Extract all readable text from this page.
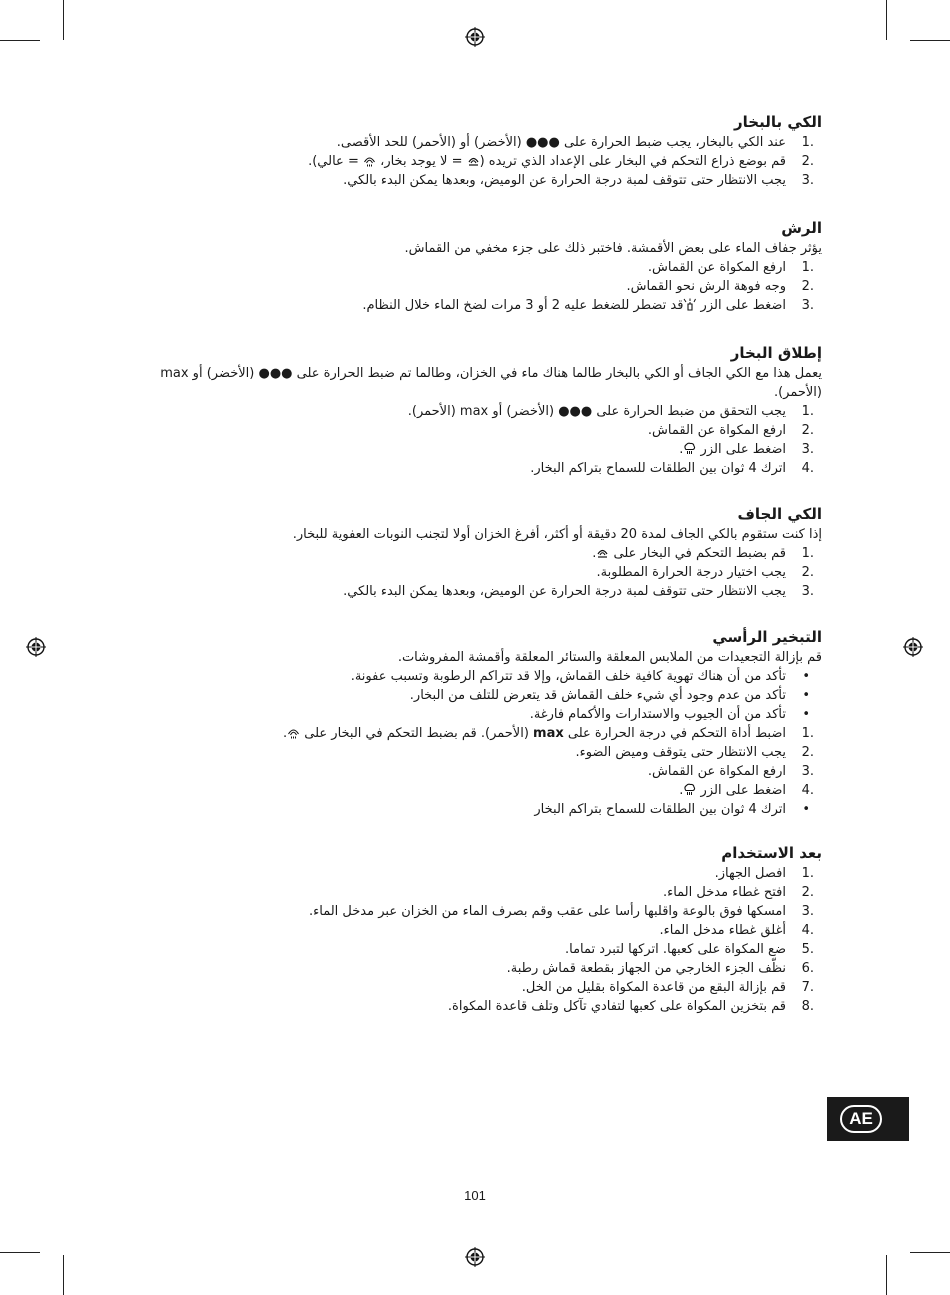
الكي بالبخار
1.
عند الكي بالبخار، يجب ضبط الحرارة على ●●● (الأخضر) أو (الأحمر) للحد الأقصى.
2.
قم بوضع ذراع التحكم في البخار على الإعداد الذي تريده ( = لا يوجد بخار،  = عالي).
3.
يجب الانتظار حتى تتوقف لمبة درجة الحرارة عن الوميض، وبعدها يمكن البدء بالكي.
الرش
يؤثر جفاف الماء على بعض الأقمشة. فاختبر ذلك على جزء مخفي من القماش.
1.
ارفع المكواة عن القماش.
2.
وجه فوهة الرش نحو القماش.
3.
اضغط على الزر قد تضطر للضغط عليه 2 أو 3 مرات لضخ الماء خلال النظام.
إطلاق البخار
يعمل هذا مع الكي الجاف أو الكي بالبخار طالما هناك ماء في الخزان، وطالما تم ضبط الحرارة على ●●● (الأخضر) أو max (الأحمر).
1.
يجب التحقق من ضبط الحرارة على ●●● (الأخضر) أو max (الأحمر).
2.
ارفع المكواة عن القماش.
3.
اضغط على الزر .
4.
اترك 4 ثوان بين الطلقات للسماح بتراكم البخار.
الكي الجاف
إذا كنت ستقوم بالكي الجاف لمدة 20 دقيقة أو أكثر، أفرغ الخزان أولا لتجنب النوبات العفوية للبخار.
1.
قم بضبط التحكم في البخار على .
2.
يجب اختيار درجة الحرارة المطلوبة.
3.
يجب الانتظار حتى تتوقف لمبة درجة الحرارة عن الوميض، وبعدها يمكن البدء بالكي.
التبخير الرأسي
قم بإزالة التجعيدات من الملابس المعلقة والستائر المعلقة وأقمشة المفروشات.
•
تأكد من أن هناك تهوية كافية خلف القماش، وإلا قد تتراكم الرطوبة وتسبب عفونة.
•
تأكد من عدم وجود أي شيء خلف القماش قد يتعرض للتلف من البخار.
•
تأكد من أن الجيوب والاستدارات والأكمام فارغة.
1.
اضبط أداة التحكم في درجة الحرارة على max (الأحمر). قم بضبط التحكم في البخار على .
2.
يجب الانتظار حتى يتوقف وميض الضوء.
3.
ارفع المكواة عن القماش.
4.
اضغط على الزر .
•
اترك 4 ثوان بين الطلقات للسماح بتراكم البخار
بعد الاستخدام
1.
افصل الجهاز.
2.
افتح غطاء مدخل الماء.
3.
امسكها فوق بالوعة واقلبها رأسا على عقب وقم بصرف الماء من الخزان عبر مدخل الماء.
4.
أغلق غطاء مدخل الماء.
5.
ضع المكواة على كعبها. اتركها لتبرد تماما.
6.
نظّف الجزء الخارجي من الجهاز بقطعة قماش رطبة.
7.
قم بإزالة البقع من قاعدة المكواة بقليل من الخل.
8.
قم بتخزين المكواة على كعبها لتفادي تآكل وتلف قاعدة المكواة.
AE
101
